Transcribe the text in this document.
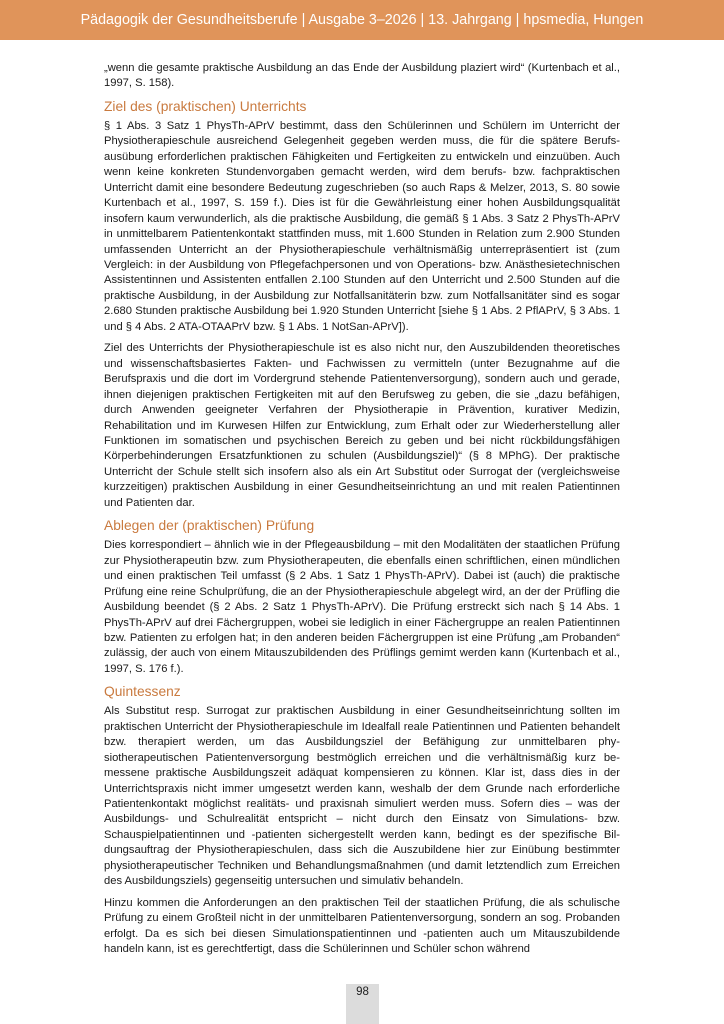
Pädagogik der Gesundheitsberufe | Ausgabe 3–2026 | 13. Jahrgang | hpsmedia, Hungen

„wenn die gesamte praktische Ausbildung an das Ende der Ausbildung plaziert wird“ (Kurtenbach et al., 1997, S. 158).

Ziel des (praktischen) Unterrichts

§ 1 Abs. 3 Satz 1 PhysTh-APrV bestimmt, dass den Schülerinnen und Schülern im Unterricht der Physiotherapieschule ausreichend Gelegenheit gegeben werden muss, die für die spätere Berufsausübung erforderlichen praktischen Fähigkeiten und Fertigkeiten zu entwickeln und einzuüben. Auch wenn keine konkreten Stundenvorgaben gemacht werden, wird dem berufs- bzw. fachpraktischen Unterricht damit eine besondere Bedeutung zugeschrieben (so auch Raps & Melzer, 2013, S. 80 sowie Kurtenbach et al., 1997, S. 159 f.). Dies ist für die Gewährleistung einer hohen Ausbildungsqualität insofern kaum verwunderlich, als die praktische Ausbildung, die gemäß § 1 Abs. 3 Satz 2 PhysTh-APrV in unmittelbarem Patientenkontakt stattfinden muss, mit 1.600 Stunden in Relation zum 2.900 Stunden umfassenden Unterricht an der Physiotherapieschule verhältnismäßig unterrepräsentiert ist (zum Vergleich: in der Ausbildung von Pflegefachpersonen und von Operations- bzw. Anästhesietechnischen Assistentinnen und Assistenten entfallen 2.100 Stunden auf den Unterricht und 2.500 Stunden auf die praktische Ausbildung, in der Ausbildung zur Notfallsanitäterin bzw. zum Notfallsanitäter sind es sogar 2.680 Stunden praktische Ausbildung bei 1.920 Stunden Unterricht [siehe § 1 Abs. 2 PflAPrV, § 3 Abs. 1 und § 4 Abs. 2 ATA-OTAAPrV bzw. § 1 Abs. 1 NotSan-APrV]).

Ziel des Unterrichts der Physiotherapieschule ist es also nicht nur, den Auszubildenden theoretisches und wissenschaftsbasiertes Fakten- und Fachwissen zu vermitteln (unter Bezugnahme auf die Berufspraxis und die dort im Vordergrund stehende Patientenversorgung), sondern auch und gerade, ihnen diejenigen praktischen Fertigkeiten mit auf den Berufsweg zu geben, die sie „dazu befähigen, durch Anwenden geeigneter Verfahren der Physiotherapie in Prävention, kurativer Medizin, Rehabilitation und im Kurwesen Hilfen zur Entwicklung, zum Erhalt oder zur Wiederherstellung aller Funktionen im somatischen und psychischen Bereich zu geben und bei nicht rückbildungsfähigen Körperbehinderungen Ersatzfunktionen zu schulen (Ausbildungsziel)“ (§ 8 MPhG). Der praktische Unterricht der Schule stellt sich insofern also als ein Art Substitut oder Surrogat der (vergleichsweise kurzzeitigen) praktischen Ausbildung in einer Gesundheitseinrichtung an und mit realen Patientinnen und Patienten dar.

Ablegen der (praktischen) Prüfung

Dies korrespondiert – ähnlich wie in der Pflegeausbildung – mit den Modalitäten der staatlichen Prüfung zur Physiotherapeutin bzw. zum Physiotherapeuten, die ebenfalls einen schriftlichen, einen mündlichen und einen praktischen Teil umfasst (§ 2 Abs. 1 Satz 1 PhysTh-APrV). Dabei ist (auch) die praktische Prüfung eine reine Schulprüfung, die an der Physiotherapieschule abgelegt wird, an der der Prüfling die Ausbildung beendet (§ 2 Abs. 2 Satz 1 PhysTh-APrV). Die Prüfung erstreckt sich nach § 14 Abs. 1 PhysTh-APrV auf drei Fächergruppen, wobei sie lediglich in einer Fächergruppe an realen Patientinnen bzw. Patienten zu erfolgen hat; in den anderen beiden Fächergruppen ist eine Prüfung „am Probanden“ zulässig, der auch von einem Mitauszubildenden des Prüflings gemimt werden kann (Kurtenbach et al., 1997, S. 176 f.).

Quintessenz

Als Substitut resp. Surrogat zur praktischen Ausbildung in einer Gesundheitseinrichtung sollten im praktischen Unterricht der Physiotherapieschule im Idealfall reale Patientinnen und Patienten behandelt bzw. therapiert werden, um das Ausbildungsziel der Befähigung zur unmittelbaren physiotherapeutischen Patientenversorgung bestmöglich erreichen und die verhältnismäßig kurz bemessene praktische Ausbildungszeit adäquat kompensieren zu können. Klar ist, dass dies in der Unterrichtspraxis nicht immer umgesetzt werden kann, weshalb der dem Grunde nach erforderliche Patientenkontakt möglichst realitäts- und praxisnah simuliert werden muss. Sofern dies – was der Ausbildungs- und Schulrealität entspricht – nicht durch den Einsatz von Simulations- bzw. Schauspielpatientinnen und -patienten sichergestellt werden kann, bedingt es der spezifische Bildungsauftrag der Physiotherapieschulen, dass sich die Auszubildene hier zur Einübung bestimmter physiotherapeutischer Techniken und Behandlungsmaßnahmen (und damit letztendlich zum Erreichen des Ausbildungsziels) gegenseitig untersuchen und simulativ behandeln.

Hinzu kommen die Anforderungen an den praktischen Teil der staatlichen Prüfung, die als schulische Prüfung zu einem Großteil nicht in der unmittelbaren Patientenversorgung, sondern an sog. Probanden erfolgt. Da es sich bei diesen Simulationspatientinnen und -patienten auch um Mitauszubildende handeln kann, ist es gerechtfertigt, dass die Schülerinnen und Schüler schon während

98
